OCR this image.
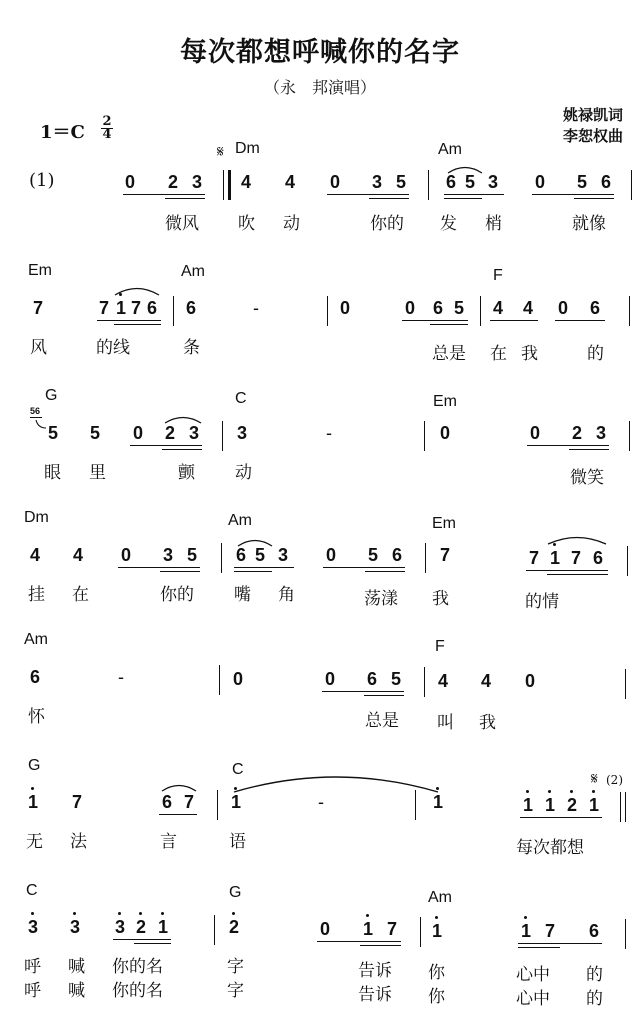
每次都想呼喊你的名字
（永　邦演唱）
姚禄凯词
李恕权曲
$1=C \frac{2}{4}$
(1)
𝄋 Dm	Am
0 2 3 4 4 0 3 5 6 5 3 0 5 6
微风 吹 动	你的 发 梢	就像
Em	Am	F
7	7 1 7 6 6	-	0	0 6 5 4 4 0 6
风	的线	条	总是 在 我	的
G	C	Em
56
5 5 0 2 3 3	-	0	0 2 3
眼 里	颤 动	微笑
Dm	Am	Em
4 4 0 3 5 6 5 3 0 5 6 7	7 1 7 6
挂 在	你的 嘴 角	荡漾 我	的情
Am	F
6	-	0	0 6 5 4 4 0
怀	总是 叫 我
G	C	𝄋 (2)
1 7	6 7 1	-	1	1 1 2 1
无 法	言	语	每次都想
C	G	Am
3 3 3 2 1	2	0 1 7 1	1 7 6
呼 喊 你的名	字	告诉 你	心中 的
呼 喊 你的名	字	告诉 你	心中 的
